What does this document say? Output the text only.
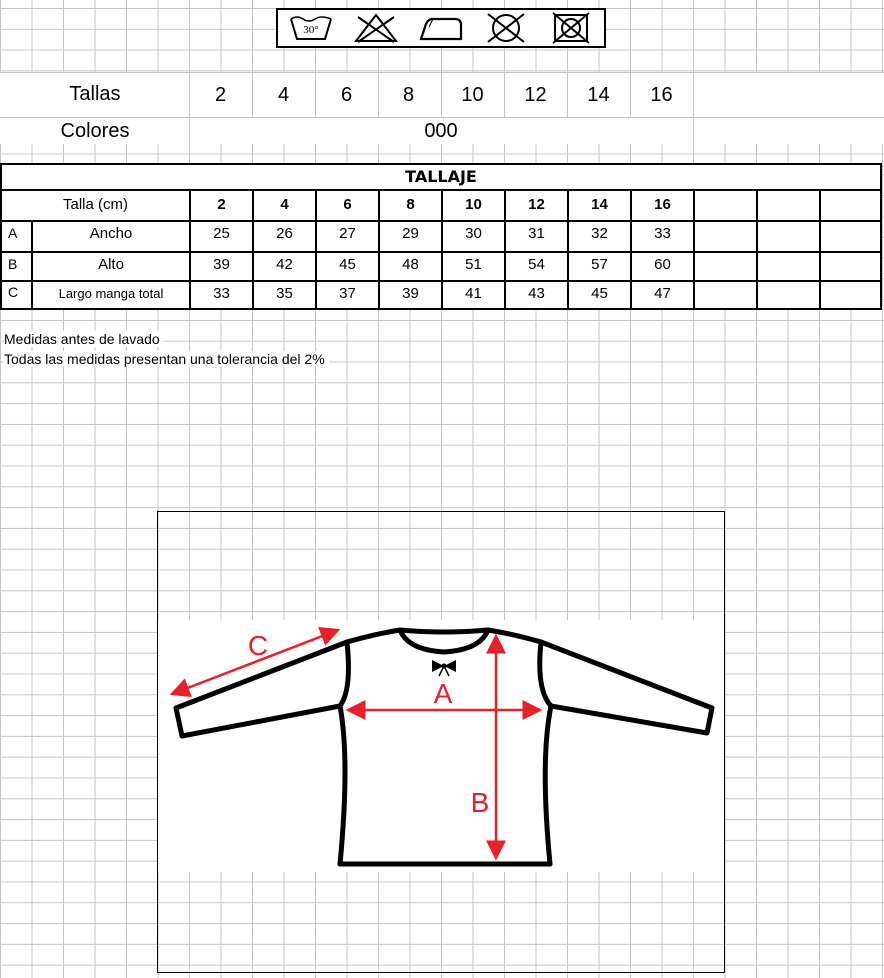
30°
Tallas	2	4	6	8	10	12	14	16
Colores	000
TALLAJE
Talla (cm)	2	4	6	8	10	12	14	16
A	Ancho	25	26	27	29	30	31	32	33
B	Alto	39	42	45	48	51	54	57	60
C	Largo manga total	33	35	37	39	41	43	45	47
Medidas antes de lavado
Todas las medidas presentan una tolerancia del 2%
C
A
B
